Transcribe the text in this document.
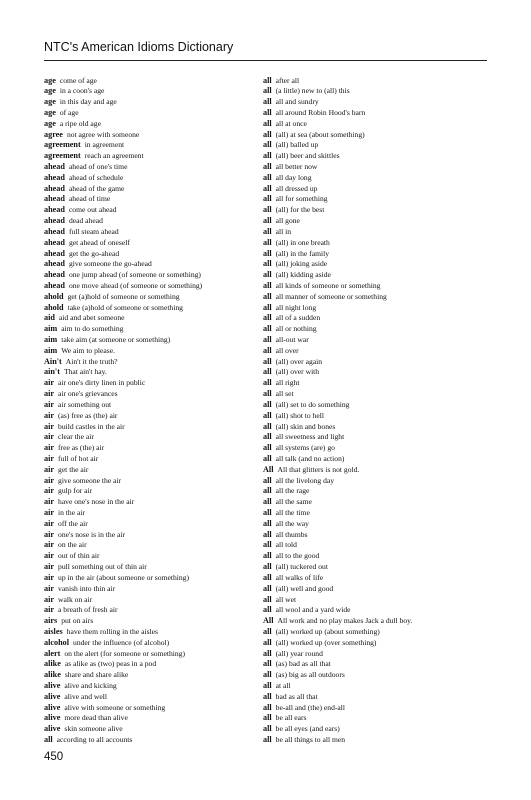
NTC's American Idioms Dictionary
age come of age
age in a coon's age
age in this day and age
age of age
age a ripe old age
agree not agree with someone
agreement in agreement
agreement reach an agreement
ahead ahead of one's time
ahead ahead of schedule
ahead ahead of the game
ahead ahead of time
ahead come out ahead
ahead dead ahead
ahead full steam ahead
ahead get ahead of oneself
ahead get the go-ahead
ahead give someone the go-ahead
ahead one jump ahead (of someone or something)
ahead one move ahead (of someone or something)
ahold get (a)hold of someone or something
ahold take (a)hold of someone or something
aid aid and abet someone
aim aim to do something
aim take aim (at someone or something)
aim We aim to please.
Ain't Ain't it the truth?
ain't That ain't hay.
air air one's dirty linen in public
air air one's grievances
air air something out
air (as) free as (the) air
air build castles in the air
air clear the air
air free as (the) air
air full of hot air
air get the air
air give someone the air
air gulp for air
air have one's nose in the air
air in the air
air off the air
air one's nose is in the air
air on the air
air out of thin air
air pull something out of thin air
air up in the air (about someone or something)
air vanish into thin air
air walk on air
air a breath of fresh air
airs put on airs
aisles have them rolling in the aisles
alcohol under the influence (of alcohol)
alert on the alert (for someone or something)
alike as alike as (two) peas in a pod
alike share and share alike
alive alive and kicking
alive alive and well
alive alive with someone or something
alive more dead than alive
alive skin someone alive
all according to all accounts
all after all
all (a little) new to (all) this
all all and sundry
all all around Robin Hood's barn
all all at once
all (all) at sea (about something)
all (all) balled up
all (all) beer and skittles
all all better now
all all day long
all all dressed up
all all for something
all (all) for the best
all all gone
all all in
all (all) in one breath
all (all) in the family
all (all) joking aside
all (all) kidding aside
all all kinds of someone or something
all all manner of someone or something
all all night long
all all of a sudden
all all or nothing
all all-out war
all all over
all (all) over again
all (all) over with
all all right
all all set
all (all) set to do something
all (all) shot to hell
all (all) skin and bones
all all sweetness and light
all all systems (are) go
all all talk (and no action)
All All that glitters is not gold.
all all the livelong day
all all the rage
all all the same
all all the time
all all the way
all all thumbs
all all told
all all to the good
all (all) tuckered out
all all walks of life
all (all) well and good
all all wet
all all wool and a yard wide
All All work and no play makes Jack a dull boy.
all (all) worked up (about something)
all (all) worked up (over something)
all (all) year round
all (as) bad as all that
all (as) big as all outdoors
all at all
all bad as all that
all be-all and (the) end-all
all be all ears
all be all eyes (and ears)
all be all things to all men
450
